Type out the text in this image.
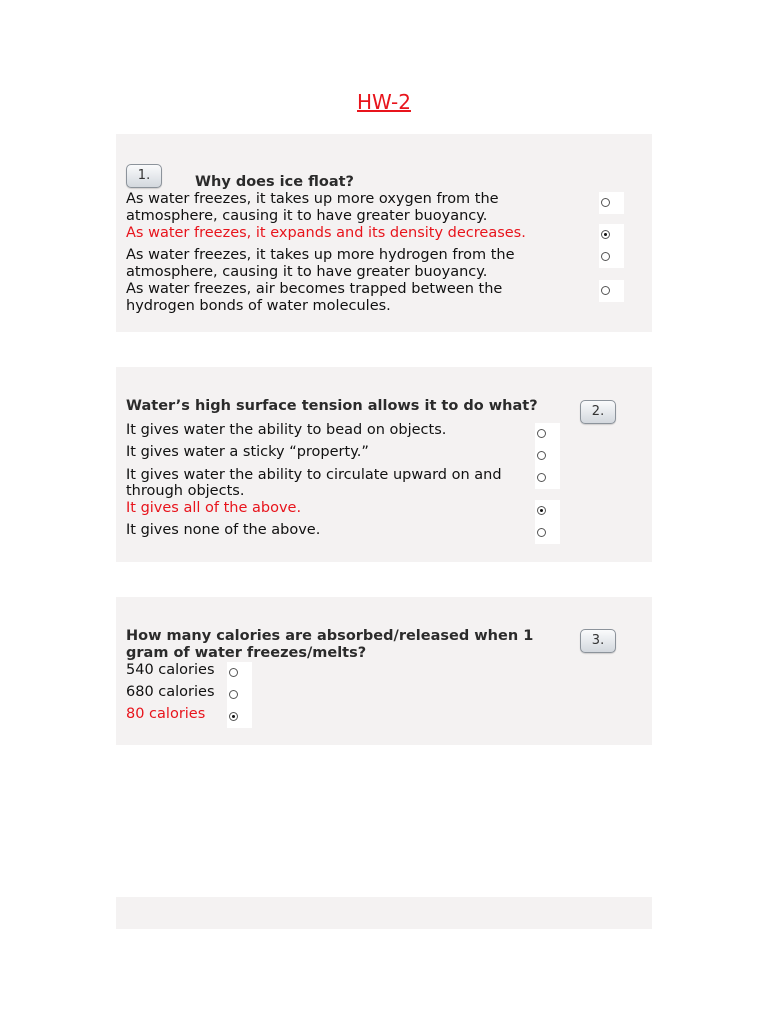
HW-2
1.	Why does ice float?
As water freezes, it takes up more oxygen from the atmosphere, causing it to have greater buoyancy.
As water freezes, it expands and its density decreases.
As water freezes, it takes up more hydrogen from the atmosphere, causing it to have greater buoyancy.
As water freezes, air becomes trapped between the hydrogen bonds of water molecules.
Water’s high surface tension allows it to do what?	2.
It gives water the ability to bead on objects.
It gives water a sticky “property.”
It gives water the ability to circulate upward on and through objects.
It gives all of the above.
It gives none of the above.
How many calories are absorbed/released when 1 gram of water freezes/melts?
3.
540 calories
680 calories
80 calories
